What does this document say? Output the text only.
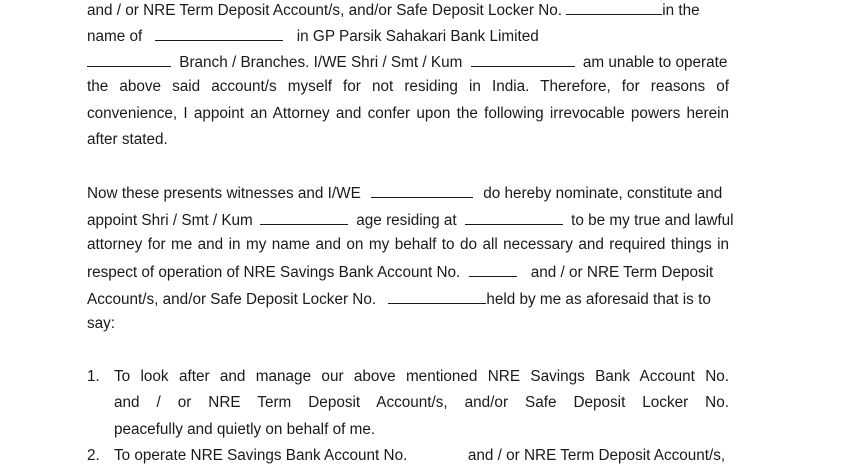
and / or NRE Term Deposit Account/s, and/or Safe Deposit Locker No.	in the
name of	in GP Parsik Sahakari Bank Limited
Branch / Branches. I/WE Shri / Smt / Kum	am unable to operate
the above said account/s myself for not residing in India. Therefore, for reasons of
convenience, I appoint an Attorney and confer upon the following irrevocable powers herein
after stated.
Now these presents witnesses and I/WE	do hereby nominate, constitute and
appoint Shri / Smt / Kum	age residing at	to be my true and lawful
attorney for me and in my name and on my behalf to do all necessary and required things in
respect of operation of NRE Savings Bank Account No.	and / or NRE Term Deposit
Account/s, and/or Safe Deposit Locker No.	held by me as aforesaid that is to
say:
1. To look after and manage our above mentioned NRE Savings Bank Account No.
and / or NRE Term Deposit Account/s, and/or Safe Deposit Locker No.
peacefully and quietly on behalf of me.
2. To operate NRE Savings Bank Account No.	and / or NRE Term Deposit Account/s,
